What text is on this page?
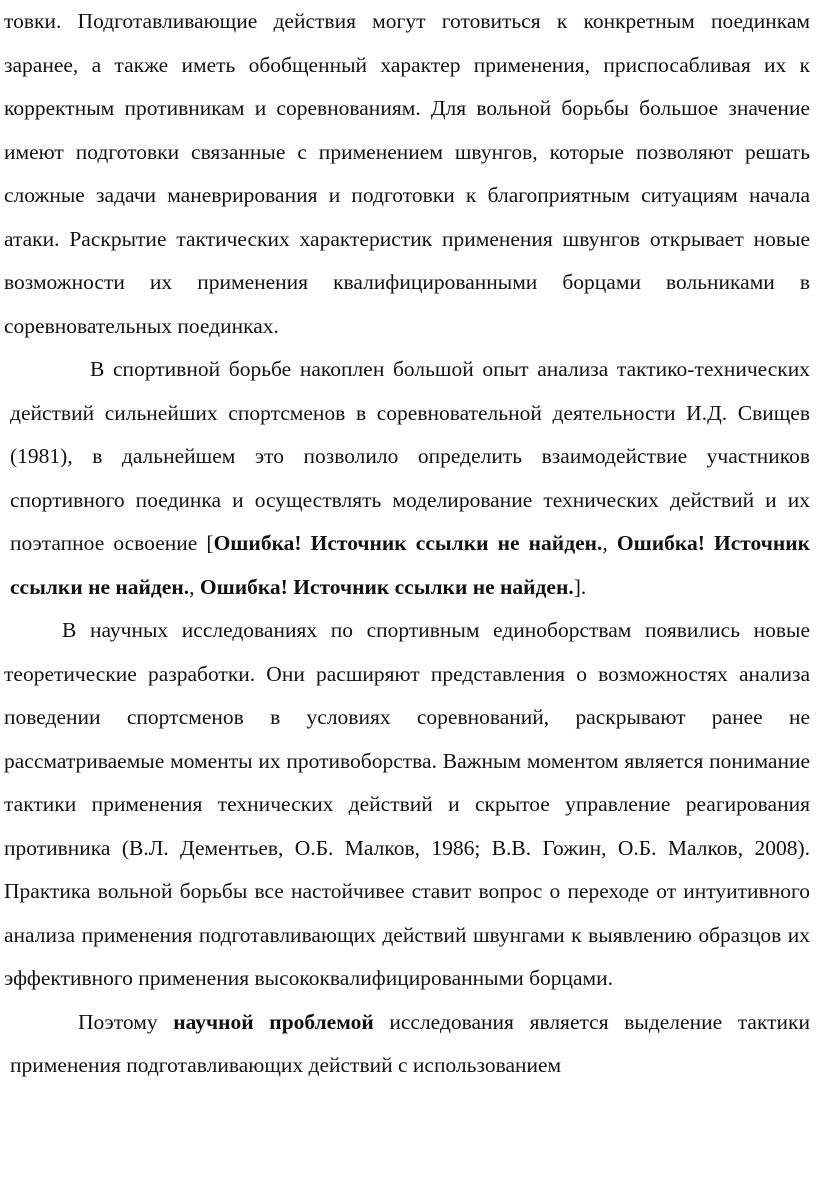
товки. Подготавливающие действия могут готовиться к конкретным поединкам заранее, а также иметь обобщенный характер применения, приспосабливая их к корректным противникам и соревнованиям. Для вольной борьбы большое значение имеют подготовки связанные с применением швунгов, которые позволяют решать сложные задачи маневрирования и подготовки к благоприятным ситуациям начала атаки. Раскрытие тактических характеристик применения швунгов открывает новые возможности их применения квалифицированными борцами вольниками в соревновательных поединках.

В спортивной борьбе накоплен большой опыт анализа тактико-технических действий сильнейших спортсменов в соревновательной деятельности И.Д. Свищев (1981), в дальнейшем это позволило определить взаимодействие участников спортивного поединка и осуществлять моделирование технических действий и их поэтапное освоение [Ошибка! Источник ссылки не найден., Ошибка! Источник ссылки не найден., Ошибка! Источник ссылки не найден.].

В научных исследованиях по спортивным единоборствам появились новые теоретические разработки. Они расширяют представления о возможностях анализа поведении спортсменов в условиях соревнований, раскрывают ранее не рассматриваемые моменты их противоборства. Важным моментом является понимание тактики применения технических действий и скрытое управление реагирования противника (В.Л. Дементьев, О.Б. Малков, 1986; В.В. Гожин, О.Б. Малков, 2008). Практика вольной борьбы все настойчивее ставит вопрос о переходе от интуитивного анализа применения подготавливающих действий швунгами к выявлению образцов их эффективного применения высококвалифицированными борцами.

Поэтому научной проблемой исследования является выделение тактики применения подготавливающих действий с использованием
